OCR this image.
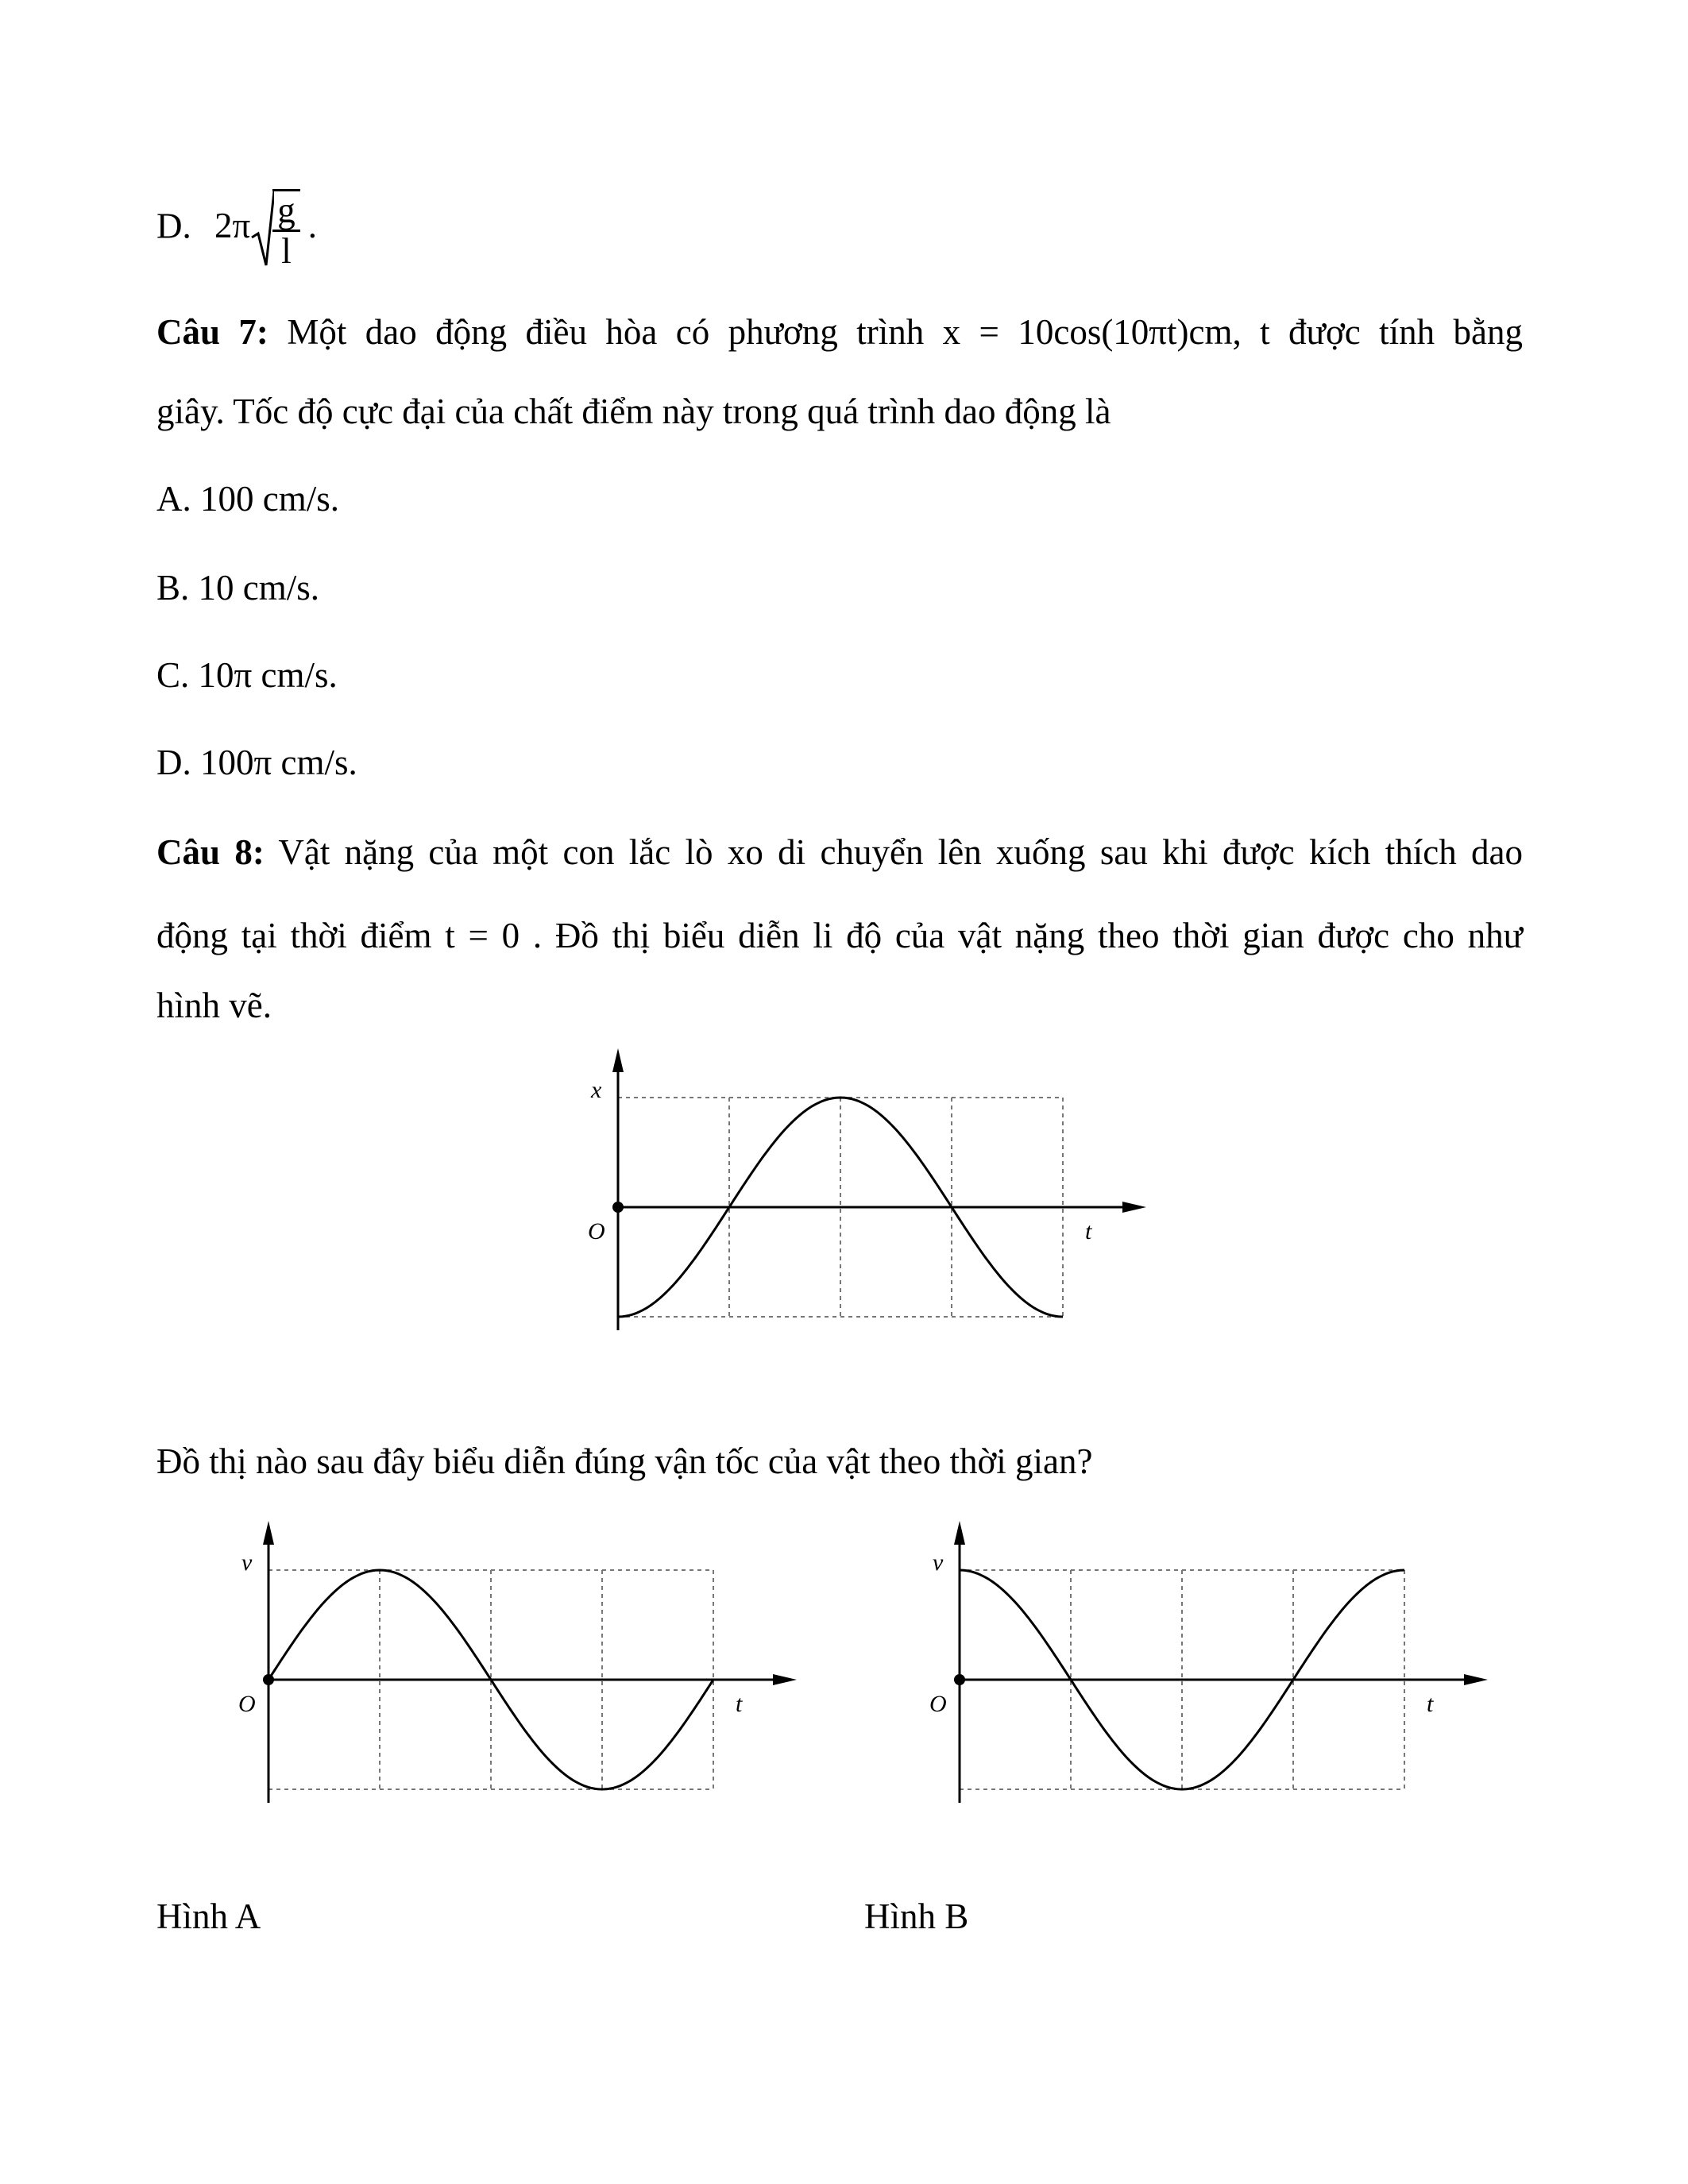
D. $2\pi \frac{g}{l}$ .
Câu 7: Một dao động điều hòa có phương trình x = 10cos(10πt)cm, t được tính bằng
giây. Tốc độ cực đại của chất điểm này trong quá trình dao động là
A. 100 cm/s.
B. 10 cm/s.
C. 10π cm/s.
D. 100π cm/s.
Câu 8: Vật nặng của một con lắc lò xo di chuyển lên xuống sau khi được kích thích dao
động tại thời điểm t = 0 . Đồ thị biểu diễn li độ của vật nặng theo thời gian được cho như
hình vẽ.
x
t
O
Đồ thị nào sau đây biểu diễn đúng vận tốc của vật theo thời gian?
v
t
O
v
t
O
Hình A	Hình B
